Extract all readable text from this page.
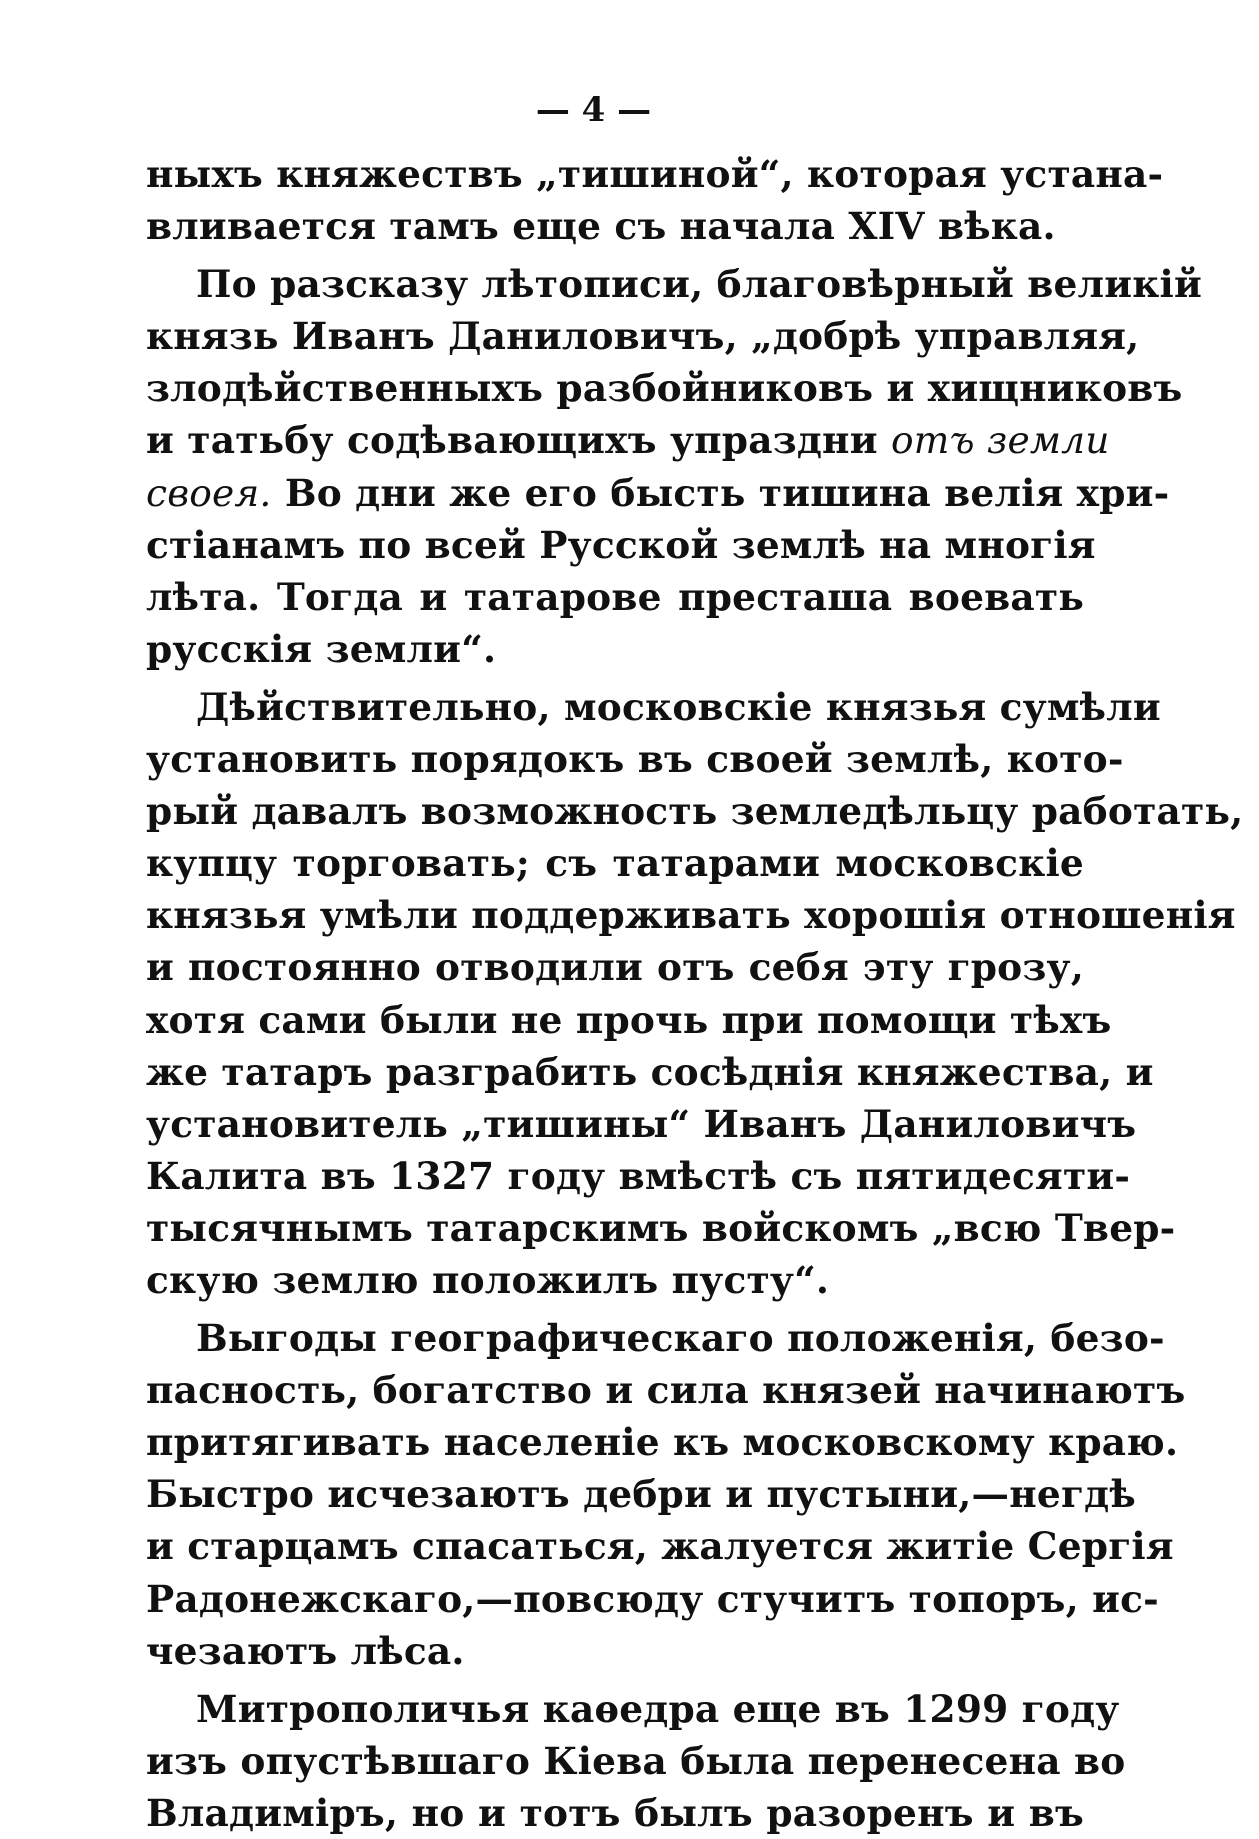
— 4 —
ныхъ княжествъ „тишиной“, которая устана-
вливается тамъ еще съ начала XIV вѣка.
По разсказу лѣтописи, благовѣрный великій
князь Иванъ Даниловичъ, „добрѣ управляя,
злодѣйственныхъ разбойниковъ и хищниковъ
и татьбу содѣвающихъ упраздни отъ земли
своея. Во дни же его бысть тишина велія хри-
стіанамъ по всей Русской землѣ на многія
лѣта. Тогда и татарове престаша воевать
русскія земли“.
Дѣйствительно, московскіе князья сумѣли
установить порядокъ въ своей землѣ, кото-
рый давалъ возможность земледѣльцу работать,
купцу торговать; съ татарами московскіе
князья умѣли поддерживать хорошія отношенія
и постоянно отводили отъ себя эту грозу,
хотя сами были не прочь при помощи тѣхъ
же татаръ разграбить сосѣднія княжества, и
установитель „тишины“ Иванъ Даниловичъ
Калита въ 1327 году вмѣстѣ съ пятидесяти-
тысячнымъ татарскимъ войскомъ „всю Твер-
скую землю положилъ пусту“.
Выгоды географическаго положенія, безо-
пасность, богатство и сила князей начинаютъ
притягивать населеніе къ московскому краю.
Быстро исчезаютъ дебри и пустыни,—негдѣ
и старцамъ спасаться, жалуется житіе Сергія
Радонежскаго,—повсюду стучитъ топоръ, ис-
чезаютъ лѣса.
Митрополичья каѳедра еще въ 1299 году
изъ опустѣвшаго Кіева была перенесена во
Владиміръ, но и тотъ былъ разоренъ и въ
